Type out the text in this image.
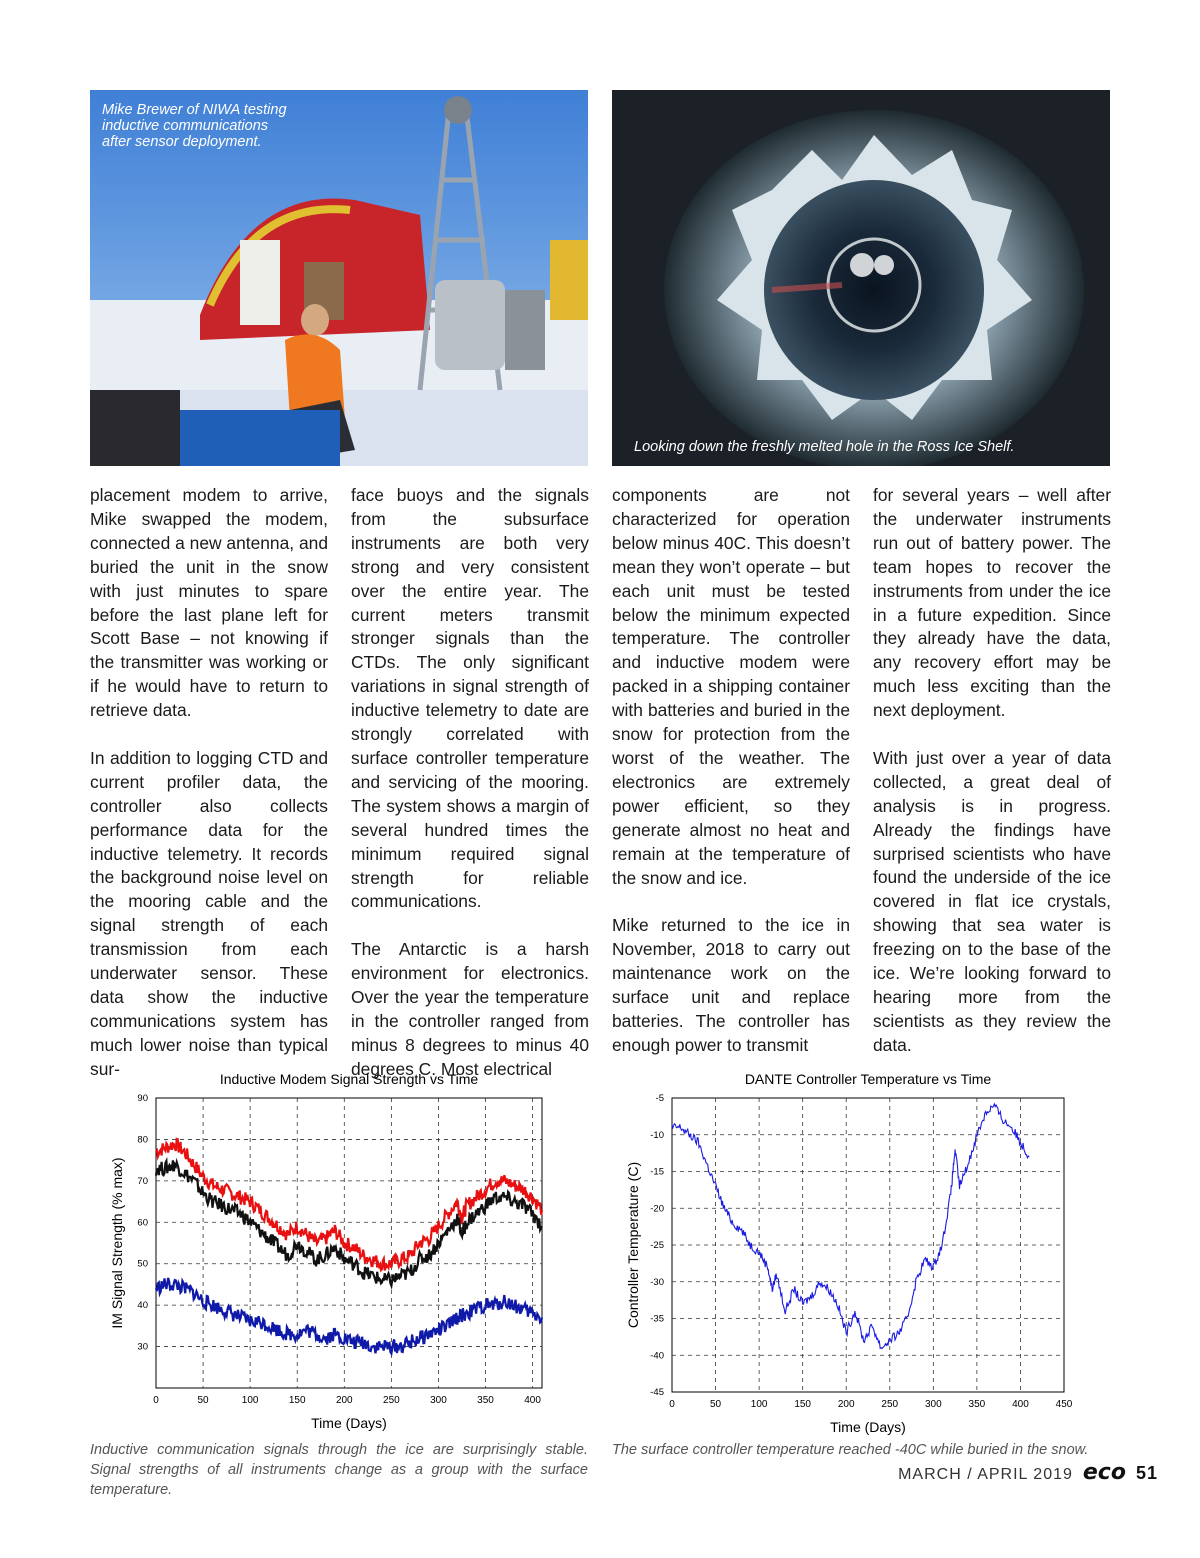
Mike Brewer of NIWA testing
inductive communications
after sensor deployment.
Looking down the freshly melted hole in the Ross Ice Shelf.

placement modem to arrive, Mike swapped the modem, connected a new antenna, and buried the unit in the snow with just minutes to spare before the last plane left for Scott Base – not knowing if the transmitter was working or if he would have to return to retrieve data.

In addition to logging CTD and current profiler data, the controller also collects performance data for the inductive telemetry. It records the background noise level on the mooring cable and the signal strength of each transmission from each underwater sensor. These data show the inductive communications system has much lower noise than typical sur-

face buoys and the signals from the subsurface instruments are both very strong and very consistent over the entire year. The current meters transmit stronger signals than the CTDs. The only significant variations in signal strength of inductive telemetry to date are strongly correlated with surface controller temperature and servicing of the mooring. The system shows a margin of several hundred times the minimum required signal strength for reliable communications.

The Antarctic is a harsh environment for electronics. Over the year the temperature in the controller ranged from minus 8 degrees to minus 40 degrees C. Most electrical

components are not characterized for operation below minus 40C. This doesn’t mean they won’t operate – but each unit must be tested below the minimum expected temperature. The controller and inductive modem were packed in a shipping container with batteries and buried in the snow for protection from the worst of the weather. The electronics are extremely power efficient, so they generate almost no heat and remain at the temperature of the snow and ice.

Mike returned to the ice in November, 2018 to carry out maintenance work on the surface unit and replace batteries. The controller has enough power to transmit

for several years – well after the underwater instruments run out of battery power. The team hopes to recover the instruments from under the ice in a future expedition. Since they already have the data, any recovery effort may be much less exciting than the next deployment.

With just over a year of data collected, a great deal of analysis is in progress. Already the findings have surprised scientists who have found the underside of the ice covered in flat ice crystals, showing that sea water is freezing on to the base of the ice. We’re looking forward to hearing more from the scientists as they review the data.

0	50	100	150	200	250	300	350	400
30
40
50
60
70
80
90
Inductive Modem Signal Strength vs Time
Time (Days)
IM Signal Strength (% max)
0	50	100	150	200	250	300	350	400	450
-45
-40
-35
-30
-25
-20
-15
-10
-5
DANTE Controller Temperature vs Time
Time (Days)
Controller Temperature (C)
Inductive communication signals through the ice are surprisingly stable. Signal strengths of all instruments change as a group with the surface temperature.
The surface controller temperature reached -40C while buried in the snow.
MARCH / APRIL 2019 eco 51
